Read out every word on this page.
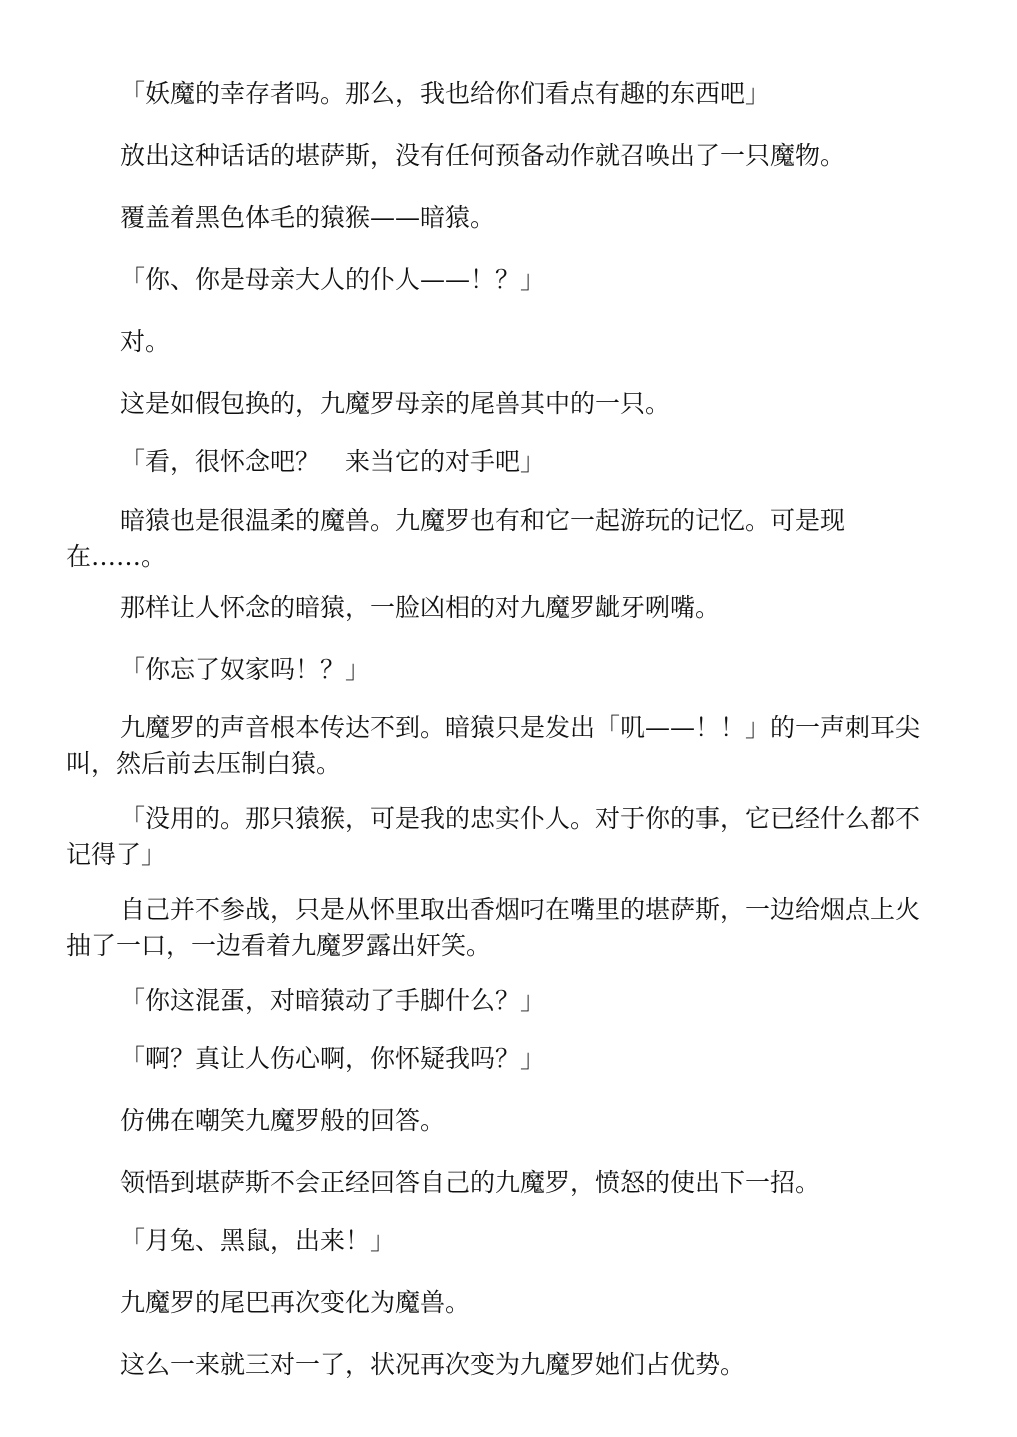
「妖魔的幸存者吗。那么，我也给你们看点有趣的东西吧」

放出这种话话的堪萨斯，没有任何预备动作就召唤出了一只魔物。

覆盖着黑色体毛的猿猴——暗猿。

「你、你是母亲大人的仆人——！？」

对。

这是如假包换的，九魔罗母亲的尾兽其中的一只。

「看，很怀念吧？　来当它的对手吧」

暗猿也是很温柔的魔兽。九魔罗也有和它一起游玩的记忆。可是现在……。

那样让人怀念的暗猿，一脸凶相的对九魔罗龇牙咧嘴。

「你忘了奴家吗！？」

九魔罗的声音根本传达不到。暗猿只是发出「叽——！！」的一声刺耳尖叫，然后前去压制白猿。

「没用的。那只猿猴，可是我的忠实仆人。对于你的事，它已经什么都不记得了」

自己并不参战，只是从怀里取出香烟叼在嘴里的堪萨斯，一边给烟点上火抽了一口，一边看着九魔罗露出奸笑。

「你这混蛋，对暗猿动了手脚什么？」

「啊？真让人伤心啊，你怀疑我吗？」

仿佛在嘲笑九魔罗般的回答。

领悟到堪萨斯不会正经回答自己的九魔罗，愤怒的使出下一招。

「月兔、黑鼠，出来！」

九魔罗的尾巴再次变化为魔兽。

这么一来就三对一了，状况再次变为九魔罗她们占优势。
